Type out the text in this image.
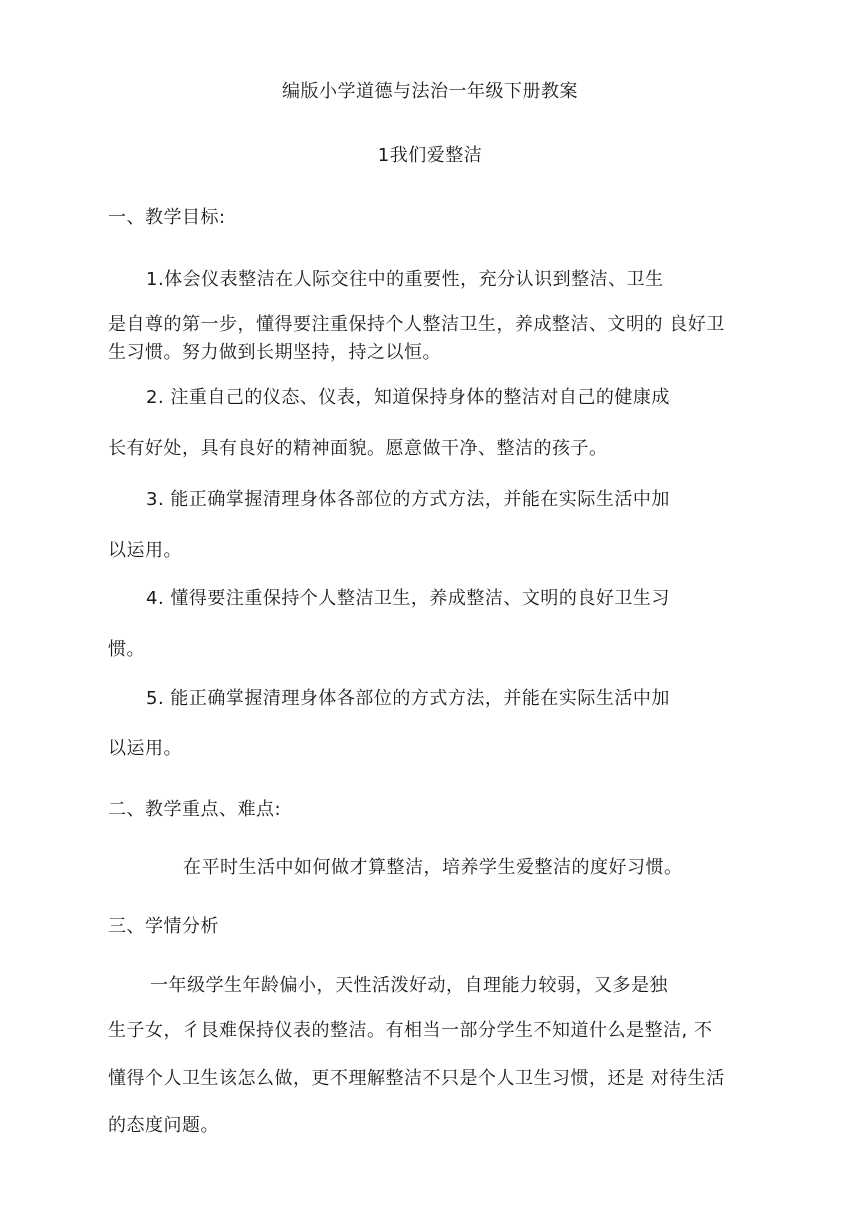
编版小学道德与法治一年级下册教案
1我们爱整洁
一、教学目标:
1.体会仪表整洁在人际交往中的重要性，充分认识到整洁、卫生
是自尊的第一步，懂得要注重保持个人整洁卫生，养成整洁、文明的 良好卫
生习惯。努力做到长期坚持，持之以恒。
2. 注重自己的仪态、仪表，知道保持身体的整洁对自己的健康成
长有好处，具有良好的精神面貌。愿意做干净、整洁的孩子。
3. 能正确掌握清理身体各部位的方式方法，并能在实际生活中加
以运用。
4. 懂得要注重保持个人整洁卫生，养成整洁、文明的良好卫生习
惯。
5. 能正确掌握清理身体各部位的方式方法，并能在实际生活中加
以运用。
二、教学重点、难点:
在平时生活中如何做才算整洁，培养学生爱整洁的度好习惯。
三、学情分析
一年级学生年龄偏小，天性活泼好动，自理能力较弱，又多是独
生子女，彳艮难保持仪表的整洁。有相当一部分学生不知道什么是整洁, 不
懂得个人卫生该怎么做，更不理解整洁不只是个人卫生习惯，还是 对待生活
的态度问题。
